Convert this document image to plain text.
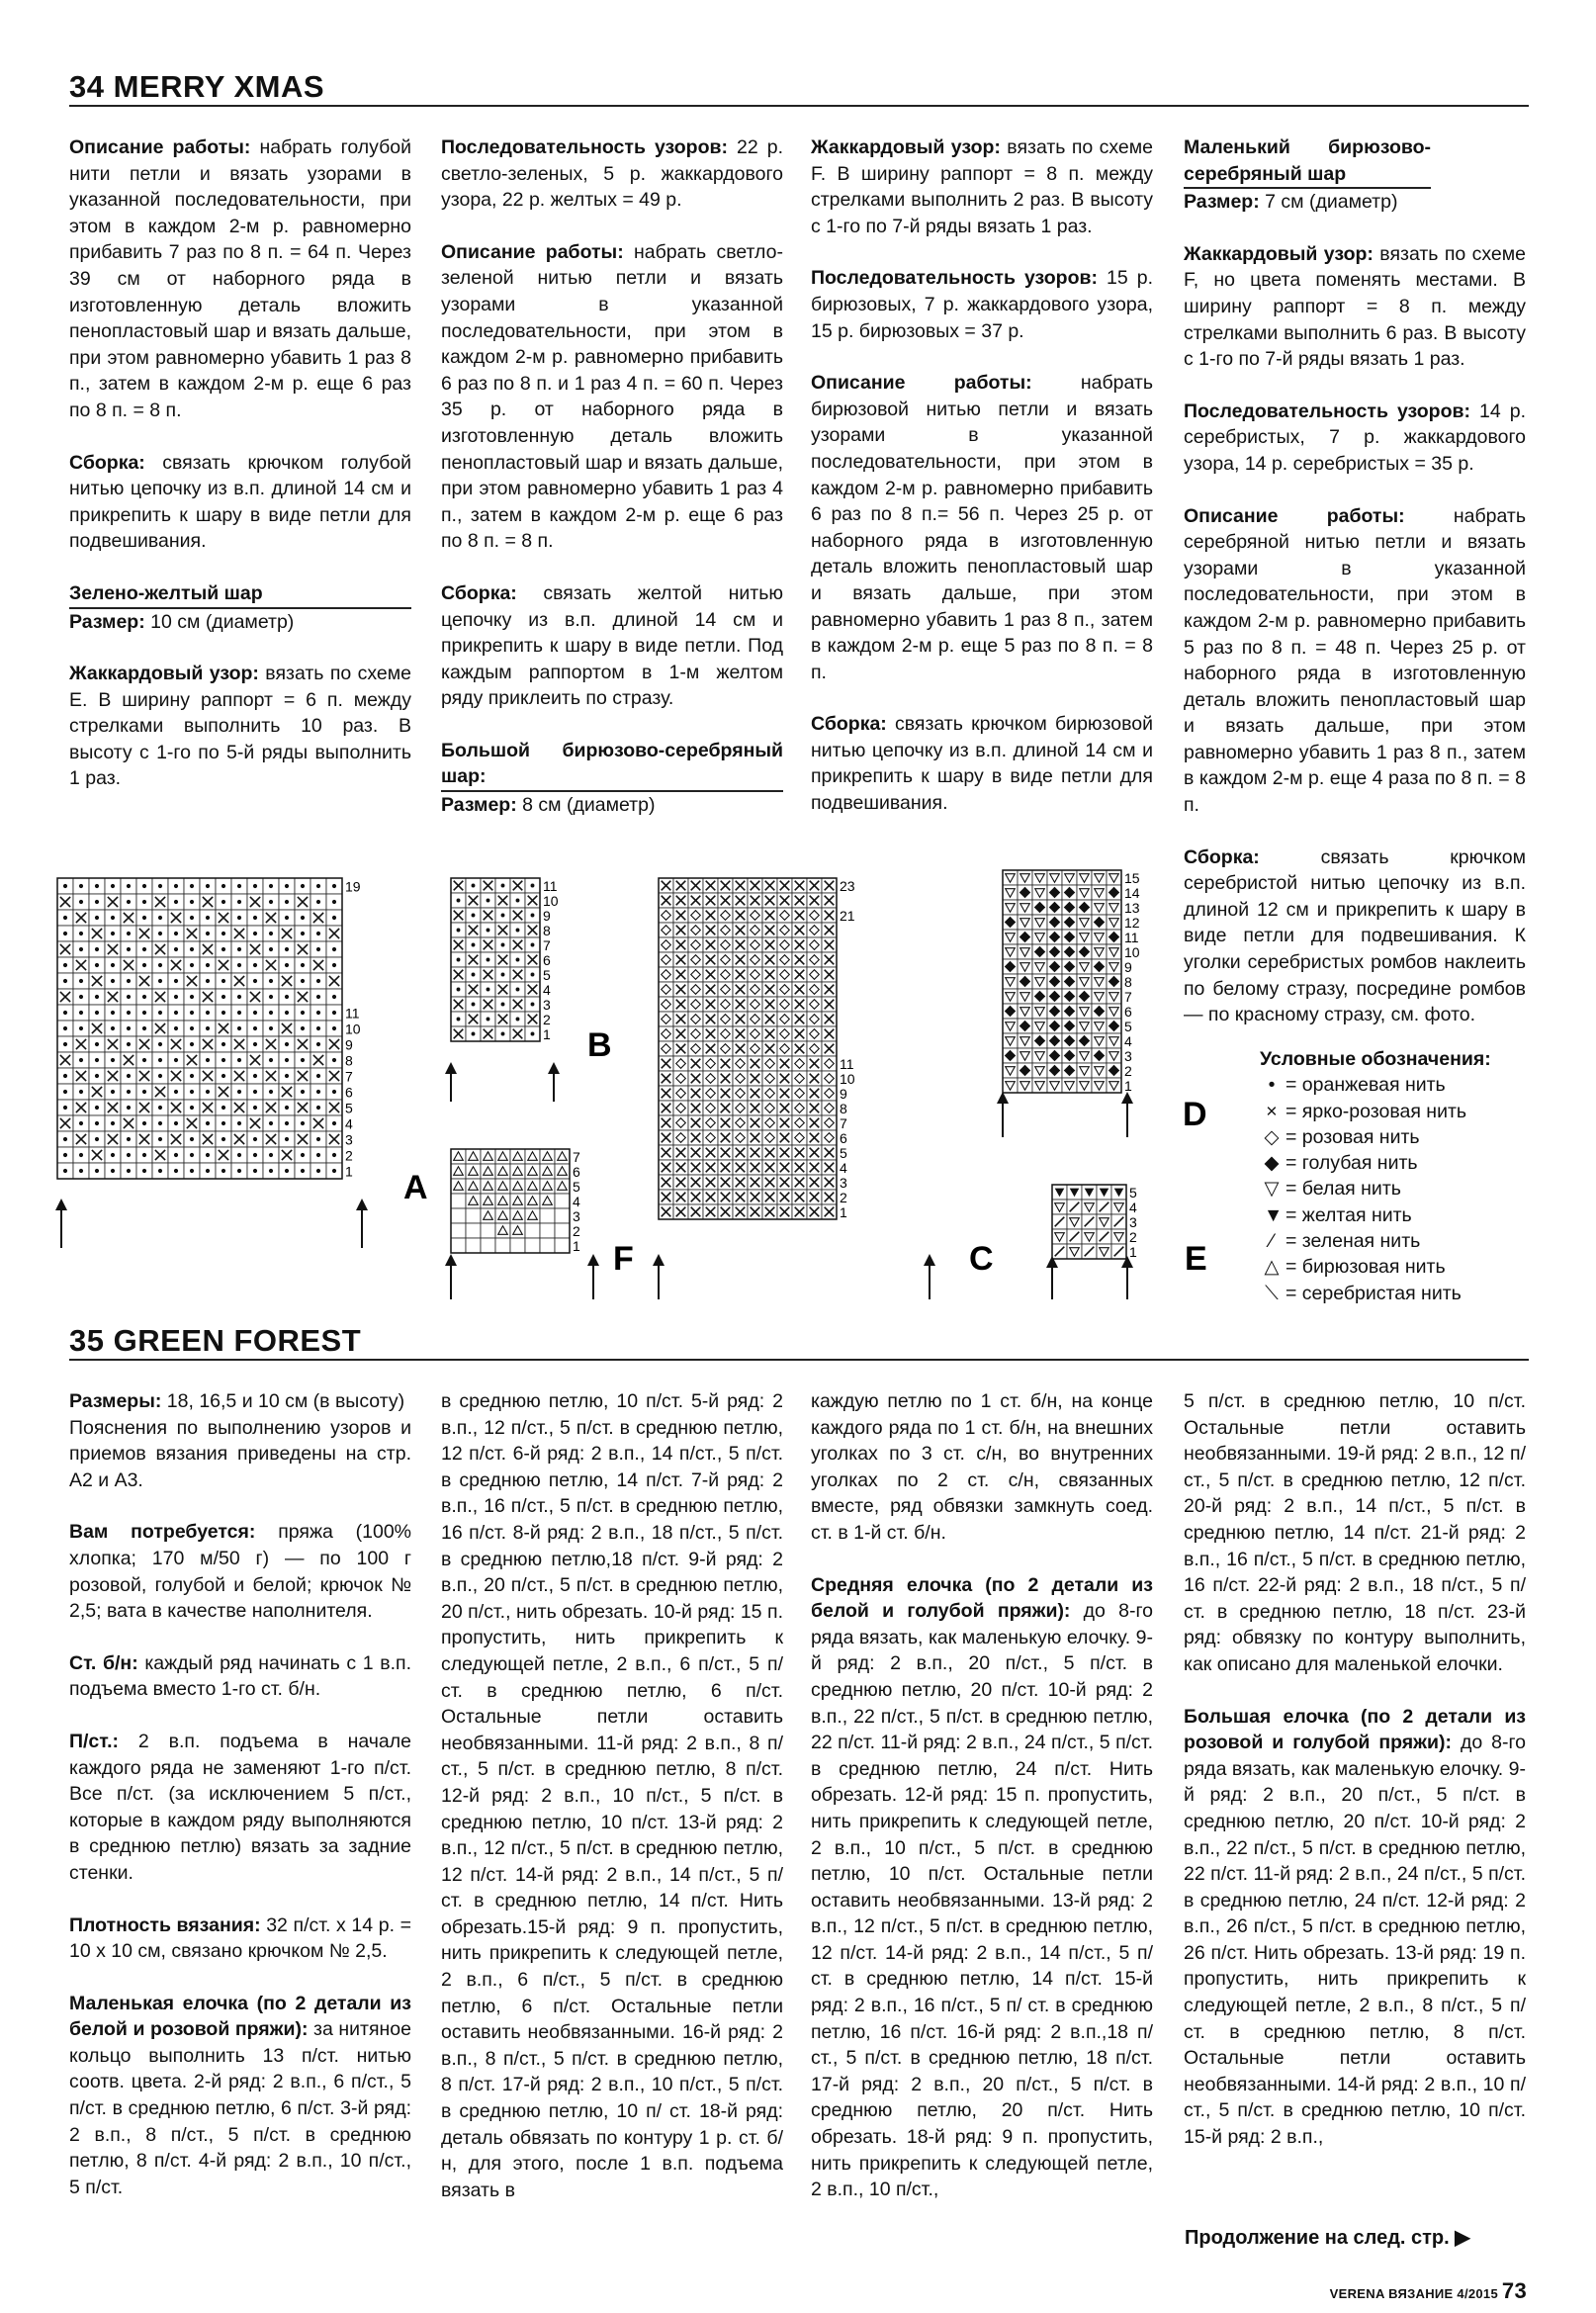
34 MERRY XMAS

Описание работы: набрать голубой нити петли и вязать узорами в указанной последовательности, при этом в каждом 2-м р. равномерно прибавить 7 раз по 8 п. = 64 п. Через 39 см от наборного ряда в изготовленную деталь вложить пенопластовый шар и вязать дальше, при этом равномерно убавить 1 раз 8 п., затем в каждом 2-м р. еще 6 раз по 8 п. = 8 п.

Сборка: связать крючком голубой нитью цепочку из в.п. длиной 14 см и прикрепить к шару в виде петли для подвешивания.

Зелено-желтый шар
Размер: 10 см (диаметр)

Жаккардовый узор: вязать по схеме E. В ширину раппорт = 6 п. между стрелками выполнить 10 раз. В высоту с 1-го по 5-й ряды выполнить 1 раз.

Последовательность узоров: 22 р. светло-зеленых, 5 р. жаккардового узора, 22 р. желтых = 49 р.

Описание работы: набрать светло-зеленой нитью петли и вязать узорами в указанной последовательности, при этом в каждом 2-м р. равномерно прибавить 6 раз по 8 п. и 1 раз 4 п. = 60 п. Через 35 р. от наборного ряда в изготовленную деталь вложить пенопластовый шар и вязать дальше, при этом равномерно убавить 1 раз 4 п., затем в каждом 2-м р. еще 6 раз по 8 п. = 8 п.

Сборка: связать желтой нитью цепочку из в.п. длиной 14 см и прикрепить к шару в виде петли. Под каждым раппортом в 1-м желтом ряду приклеить по стразу.

Большой бирюзово-серебряный шар:
Размер: 8 см (диаметр)

Жаккардовый узор: вязать по схеме F. В ширину раппорт = 8 п. между стрелками выполнить 2 раз. В высоту с 1-го по 7-й ряды вязать 1 раз.

Последовательность узоров: 15 р. бирюзовых, 7 р. жаккардового узора, 15 р. бирюзовых = 37 р.

Описание работы: набрать бирюзовой нитью петли и вязать узорами в указанной последовательности, при этом в каждом 2-м р. равномерно прибавить 6 раз по 8 п.= 56 п. Через 25 р. от наборного ряда в изготовленную деталь вложить пенопластовый шар и вязать дальше, при этом равномерно убавить 1 раз 8 п., затем в каждом 2-м р. еще 5 раз по 8 п. = 8 п.

Сборка: связать крючком бирюзовой нитью цепочку из в.п. длиной 14 см и прикрепить к шару в виде петли для подвешивания.

Маленький бирюзово-серебряный шар
Размер: 7 см (диаметр)

Жаккардовый узор: вязать по схеме F, но цвета поменять местами. В ширину раппорт = 8 п. между стрелками выполнить 6 раз. В высоту с 1-го по 7-й ряды вязать 1 раз.

Последовательность узоров: 14 р. серебристых, 7 р. жаккардового узора, 14 р. серебристых = 35 р.

Описание работы: набрать серебряной нитью петли и вязать узорами в указанной последовательности, при этом в каждом 2-м р. равномерно прибавить 5 раз по 8 п. = 48 п. Через 25 р. от наборного ряда в изготовленную деталь вложить пенопластовый шар и вязать дальше, при этом равномерно убавить 1 раз 8 п., затем в каждом 2-м р. еще 4 раза по 8 п. = 8 п.

Сборка: связать крючком серебристой нитью цепочку из в.п. длиной 12 см и прикрепить к шару в виде петли для подвешивания. К уголки серебристых ромбов наклеить по белому стразу, посредине ромбов — по красному стразу, см. фото.

1
2
3
4
5
6
7
8
9
10
11
19
A
1
2
3
4
5
6
7
8
9
10
11
B
1
2
3
4
5
6
7
F
1
2
3
4
5
6
7
8
9
10
11
21
23
C
1
2
3
4
5
6
7
8
9
10
11
12
13
14
15
D
1
2
3
4
5
E
Условные обозначения:
• = оранжевая нить
× = ярко-розовая нить
◇ = розовая нить
◆ = голубая нить
▽ = белая нить
▼ = желтая нить
⁄ = зеленая нить
△ = бирюзовая нить
⟍ = серебристая нить
35 GREEN FOREST

Размеры: 18, 16,5 и 10 см (в высоту)
Пояснения по выполнению узоров и приемов вязания приведены на стр. А2 и А3.

Вам потребуется: пряжа (100% хлопка; 170 м/50 г) — по 100 г розовой, голубой и белой; крючок № 2,5; вата в качестве наполнителя.

Ст. б/н: каждый ряд начинать с 1 в.п. подъема вместо 1-го ст. б/н.

П/ст.: 2 в.п. подъема в начале каждого ряда не заменяют 1-го п/ст. Все п/ст. (за исключением 5 п/ст., которые в каждом ряду выполняются в среднюю петлю) вязать за задние стенки.

Плотность вязания: 32 п/ст. х 14 р. = 10 х 10 см, связано крючком № 2,5.

Маленькая елочка (по 2 детали из белой и розовой пряжи): за нитяное кольцо выполнить 13 п/ст. нитью соотв. цвета. 2-й ряд: 2 в.п., 6 п/ст., 5 п/ст. в среднюю петлю, 6 п/ст. 3-й ряд: 2 в.п., 8 п/ст., 5 п/ст. в среднюю петлю, 8 п/ст. 4-й ряд: 2 в.п., 10 п/ст., 5 п/ст.

в среднюю петлю, 10 п/ст. 5-й ряд: 2 в.п., 12 п/ст., 5 п/ст. в среднюю петлю, 12 п/ст. 6-й ряд: 2 в.п., 14 п/ст., 5 п/ст. в среднюю петлю, 14 п/ст. 7-й ряд: 2 в.п., 16 п/ст., 5 п/ст. в среднюю петлю, 16 п/ст. 8-й ряд: 2 в.п., 18 п/ст., 5 п/ст. в среднюю петлю,18 п/ст. 9-й ряд: 2 в.п., 20 п/ст., 5 п/ст. в среднюю петлю, 20 п/ст., нить обрезать. 10-й ряд: 15 п. пропустить, нить прикрепить к следующей петле, 2 в.п., 6 п/ст., 5 п/ст. в среднюю петлю, 6 п/ст. Остальные петли оставить необвязанными. 11-й ряд: 2 в.п., 8 п/ст., 5 п/ст. в среднюю петлю, 8 п/ст. 12-й ряд: 2 в.п., 10 п/ст., 5 п/ст. в среднюю петлю, 10 п/ст. 13-й ряд: 2 в.п., 12 п/ст., 5 п/ст. в среднюю петлю, 12 п/ст. 14-й ряд: 2 в.п., 14 п/ст., 5 п/ст. в среднюю петлю, 14 п/ст. Нить обрезать.15-й ряд: 9 п. пропустить, нить прикрепить к следующей петле, 2 в.п., 6 п/ст., 5 п/ст. в среднюю петлю, 6 п/ст. Остальные петли оставить необвязанными. 16-й ряд: 2 в.п., 8 п/ст., 5 п/ст. в среднюю петлю, 8 п/ст. 17-й ряд: 2 в.п., 10 п/ст., 5 п/ст. в среднюю петлю, 10 п/ ст. 18-й ряд: деталь обвязать по контуру 1 р. ст. б/н, для этого, после 1 в.п. подъема вязать в

каждую петлю по 1 ст. б/н, на конце каждого ряда по 1 ст. б/н, на внешних уголках по 3 ст. с/н, во внутренних уголках по 2 ст. с/н, связанных вместе, ряд обвязки замкнуть соед. ст. в 1-й ст. б/н.

Средняя елочка (по 2 детали из белой и голубой пряжи): до 8-го ряда вязать, как маленькую елочку. 9-й ряд: 2 в.п., 20 п/ст., 5 п/ст. в среднюю петлю, 20 п/ст. 10-й ряд: 2 в.п., 22 п/ст., 5 п/ст. в среднюю петлю, 22 п/ст. 11-й ряд: 2 в.п., 24 п/ст., 5 п/ст. в среднюю петлю, 24 п/ст. Нить обрезать. 12-й ряд: 15 п. пропустить, нить прикрепить к следующей петле, 2 в.п., 10 п/ст., 5 п/ст. в среднюю петлю, 10 п/ст. Остальные петли оставить необвязанными. 13-й ряд: 2 в.п., 12 п/ст., 5 п/ст. в среднюю петлю, 12 п/ст. 14-й ряд: 2 в.п., 14 п/ст., 5 п/ст. в среднюю петлю, 14 п/ст. 15-й ряд: 2 в.п., 16 п/ст., 5 п/ ст. в среднюю петлю, 16 п/ст. 16-й ряд: 2 в.п.,18 п/ст., 5 п/ст. в среднюю петлю, 18 п/ст. 17-й ряд: 2 в.п., 20 п/ст., 5 п/ст. в среднюю петлю, 20 п/ст. Нить обрезать. 18-й ряд: 9 п. пропустить, нить прикрепить к следующей петле, 2 в.п., 10 п/ст.,

5 п/ст. в среднюю петлю, 10 п/ст. Остальные петли оставить необвязанными. 19-й ряд: 2 в.п., 12 п/ст., 5 п/ст. в среднюю петлю, 12 п/ст. 20-й ряд: 2 в.п., 14 п/ст., 5 п/ст. в среднюю петлю, 14 п/ст. 21-й ряд: 2 в.п., 16 п/ст., 5 п/ст. в среднюю петлю, 16 п/ст. 22-й ряд: 2 в.п., 18 п/ст., 5 п/ст. в среднюю петлю, 18 п/ст. 23-й ряд: обвязку по контуру выполнить, как описано для маленькой елочки.

Большая елочка (по 2 детали из розовой и голубой пряжи): до 8-го ряда вязать, как маленькую елочку. 9-й ряд: 2 в.п., 20 п/ст., 5 п/ст. в среднюю петлю, 20 п/ст. 10-й ряд: 2 в.п., 22 п/ст., 5 п/ст. в среднюю петлю, 22 п/ст. 11-й ряд: 2 в.п., 24 п/ст., 5 п/ст. в среднюю петлю, 24 п/ст. 12-й ряд: 2 в.п., 26 п/ст., 5 п/ст. в среднюю петлю, 26 п/ст. Нить обрезать. 13-й ряд: 19 п. пропустить, нить прикрепить к следующей петле, 2 в.п., 8 п/ст., 5 п/ст. в среднюю петлю, 8 п/ст. Остальные петли оставить необвязанными. 14-й ряд: 2 в.п., 10 п/ст., 5 п/ст. в среднюю петлю, 10 п/ст. 15-й ряд: 2 в.п.,

Продолжение на след. стр. ▶
VERENA ВЯЗАНИЕ 4/2015 73
